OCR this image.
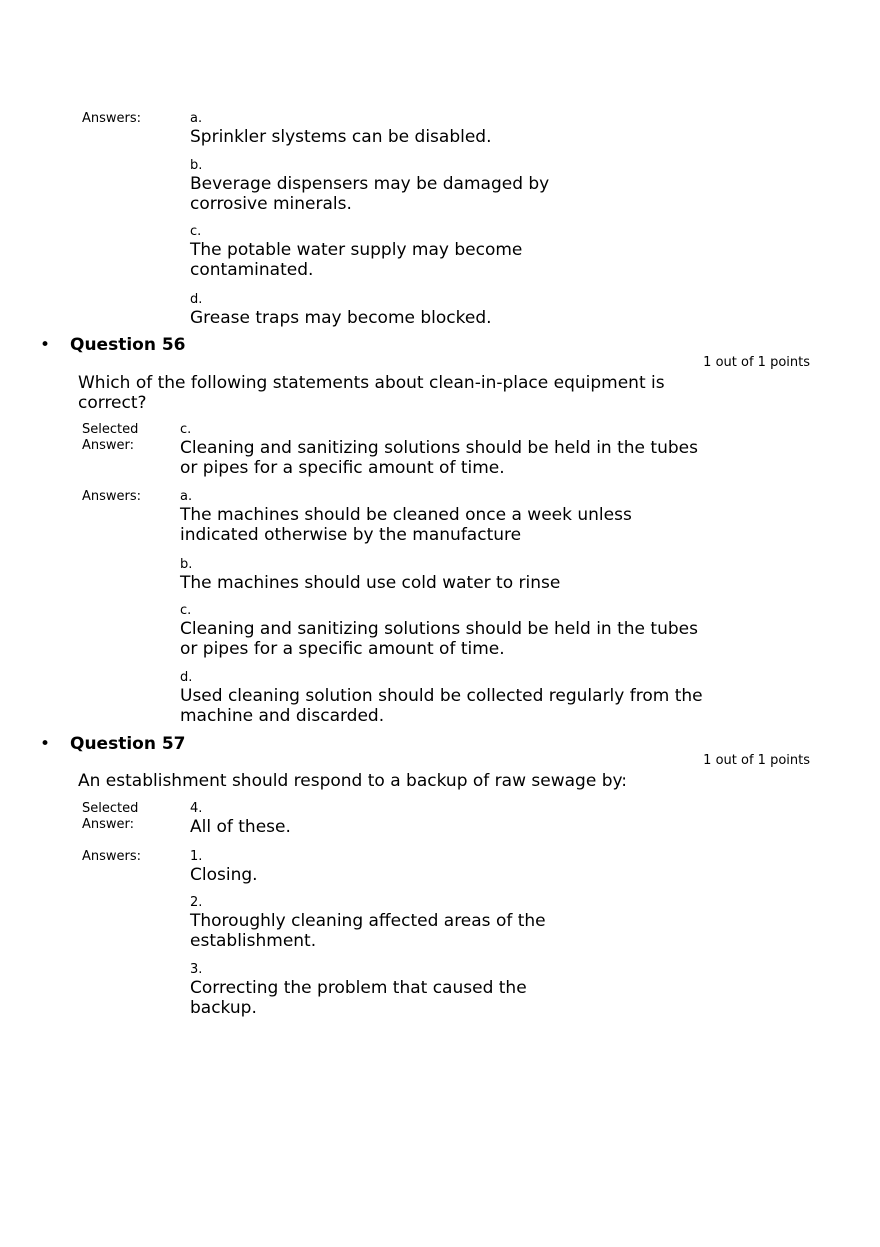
Answers:	a.
Sprinkler slystems can be disabled.
b.
Beverage dispensers may be damaged by
corrosive minerals.
c.
The potable water supply may become
contaminated.
d.
Grease traps may become blocked.
• Question 56
1 out of 1 points
Which of the following statements about clean-in-place equipment is
correct?
Selected
Answer:
c.
Cleaning and sanitizing solutions should be held in the tubes
or pipes for a specific amount of time.
Answers:	a.
The machines should be cleaned once a week unless
indicated otherwise by the manufacture
b.
The machines should use cold water to rinse
c.
Cleaning and sanitizing solutions should be held in the tubes
or pipes for a specific amount of time.
d.
Used cleaning solution should be collected regularly from the
machine and discarded.
• Question 57
1 out of 1 points
An establishment should respond to a backup of raw sewage by:
Selected
Answer:
4.
All of these.
Answers:	1.
Closing.
2.
Thoroughly cleaning affected areas of the
establishment.
3.
Correcting the problem that caused the
backup.
